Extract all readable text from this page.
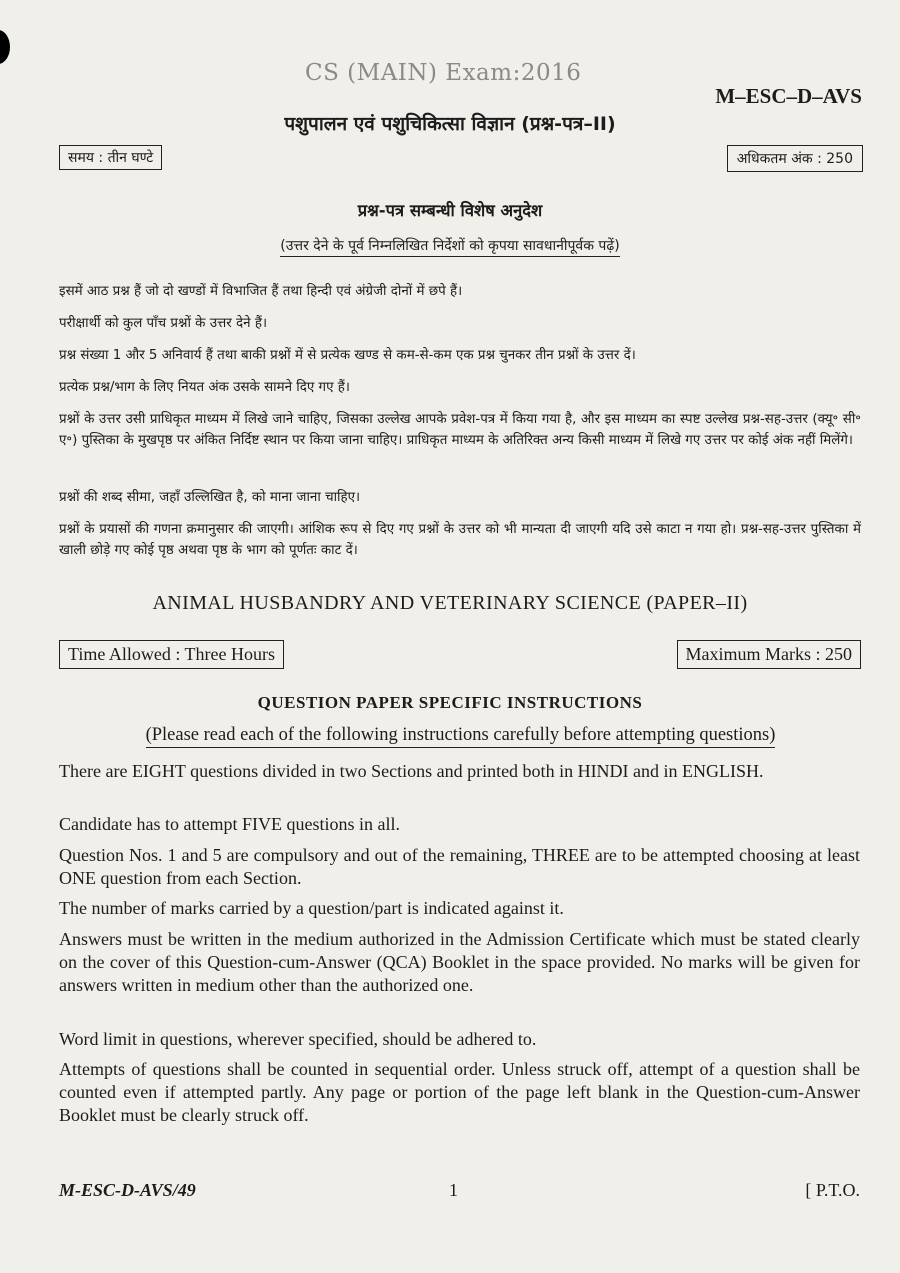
CS (MAIN) Exam:2016
M–ESC–D–AVS
पशुपालन एवं पशुचिकित्सा विज्ञान (प्रश्न-पत्र–II)
समय : तीन घण्टे	अधिकतम अंक : 250
प्रश्न-पत्र सम्बन्धी विशेष अनुदेश
(उत्तर देने के पूर्व निम्नलिखित निर्देशों को कृपया सावधानीपूर्वक पढ़ें)

इसमें आठ प्रश्न हैं जो दो खण्डों में विभाजित हैं तथा हिन्दी एवं अंग्रेजी दोनों में छपे हैं।

परीक्षार्थी को कुल पाँच प्रश्नों के उत्तर देने हैं।

प्रश्न संख्या 1 और 5 अनिवार्य हैं तथा बाकी प्रश्नों में से प्रत्येक खण्ड से कम-से-कम एक प्रश्न चुनकर तीन प्रश्नों के उत्तर दें।

प्रत्येक प्रश्न/भाग के लिए नियत अंक उसके सामने दिए गए हैं।

प्रश्नों के उत्तर उसी प्राधिकृत माध्यम में लिखे जाने चाहिए, जिसका उल्लेख आपके प्रवेश-पत्र में किया गया है, और इस माध्यम का स्पष्ट उल्लेख प्रश्न-सह-उत्तर (क्यू॰ सी॰ ए॰) पुस्तिका के मुखपृष्ठ पर अंकित निर्दिष्ट स्थान पर किया जाना चाहिए। प्राधिकृत माध्यम के अतिरिक्त अन्य किसी माध्यम में लिखे गए उत्तर पर कोई अंक नहीं मिलेंगे।

प्रश्नों की शब्द सीमा, जहाँ उल्लिखित है, को माना जाना चाहिए।

प्रश्नों के प्रयासों की गणना क्रमानुसार की जाएगी। आंशिक रूप से दिए गए प्रश्नों के उत्तर को भी मान्यता दी जाएगी यदि उसे काटा न गया हो। प्रश्न-सह-उत्तर पुस्तिका में खाली छोड़े गए कोई पृष्ठ अथवा पृष्ठ के भाग को पूर्णतः काट दें।

ANIMAL HUSBANDRY AND VETERINARY SCIENCE (PAPER–II)
Time Allowed : Three Hours	Maximum Marks : 250
QUESTION PAPER SPECIFIC INSTRUCTIONS
(Please read each of the following instructions carefully before attempting questions)

There are EIGHT questions divided in two Sections and printed both in HINDI and in ENGLISH.

Candidate has to attempt FIVE questions in all.

Question Nos. 1 and 5 are compulsory and out of the remaining, THREE are to be attempted choosing at least ONE question from each Section.

The number of marks carried by a question/part is indicated against it.

Answers must be written in the medium authorized in the Admission Certificate which must be stated clearly on the cover of this Question-cum-Answer (QCA) Booklet in the space provided. No marks will be given for answers written in medium other than the authorized one.

Word limit in questions, wherever specified, should be adhered to.

Attempts of questions shall be counted in sequential order. Unless struck off, attempt of a question shall be counted even if attempted partly. Any page or portion of the page left blank in the Question-cum-Answer Booklet must be clearly struck off.

M-ESC-D-AVS/49	1	[ P.T.O.
